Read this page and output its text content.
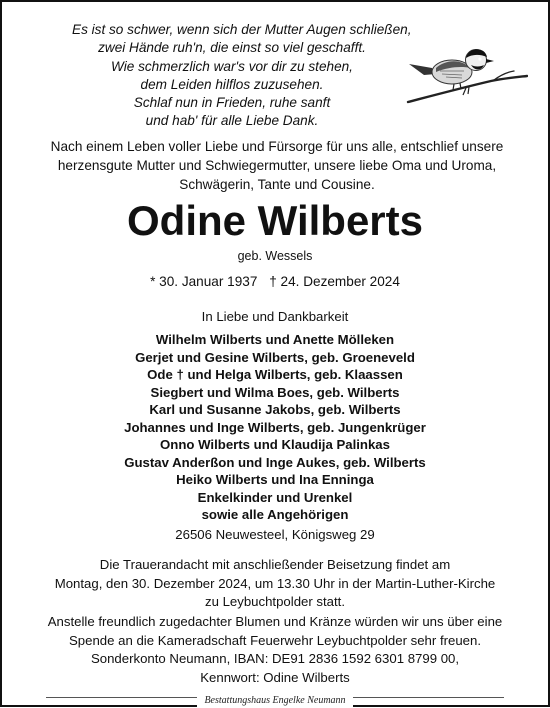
Es ist so schwer, wenn sich der Mutter Augen schließen,
zwei Hände ruh'n, die einst so viel geschafft.
Wie schmerzlich war's vor dir zu stehen,
dem Leiden hilflos zuzusehen.
Schlaf nun in Frieden, ruhe sanft
und hab' für alle Liebe Dank.
Nach einem Leben voller Liebe und Fürsorge für uns alle, entschlief unsere
herzensgute Mutter und Schwiegermutter, unsere liebe Oma und Uroma,
Schwägerin, Tante und Cousine.
Odine Wilberts
geb. Wessels
* 30. Januar 1937 † 24. Dezember 2024
In Liebe und Dankbarkeit
Wilhelm Wilberts und Anette Mölleken
Gerjet und Gesine Wilberts, geb. Groeneveld
Ode † und Helga Wilberts, geb. Klaassen
Siegbert und Wilma Boes, geb. Wilberts
Karl und Susanne Jakobs, geb. Wilberts
Johannes und Inge Wilberts, geb. Jungenkrüger
Onno Wilberts und Klaudija Palinkas
Gustav Anderßon und Inge Aukes, geb. Wilberts
Heiko Wilberts und Ina Enninga
Enkelkinder und Urenkel
sowie alle Angehörigen
26506 Neuwesteel, Königsweg 29
Die Trauerandacht mit anschließender Beisetzung findet am
Montag, den 30. Dezember 2024, um 13.30 Uhr in der Martin-Luther-Kirche
zu Leybuchtpolder statt.
Anstelle freundlich zugedachter Blumen und Kränze würden wir uns über eine
Spende an die Kameradschaft Feuerwehr Leybuchtpolder sehr freuen.
Sonderkonto Neumann, IBAN: DE91 2836 1592 6301 8799 00,
Kennwort: Odine Wilberts
Bestattungshaus Engelke Neumann
